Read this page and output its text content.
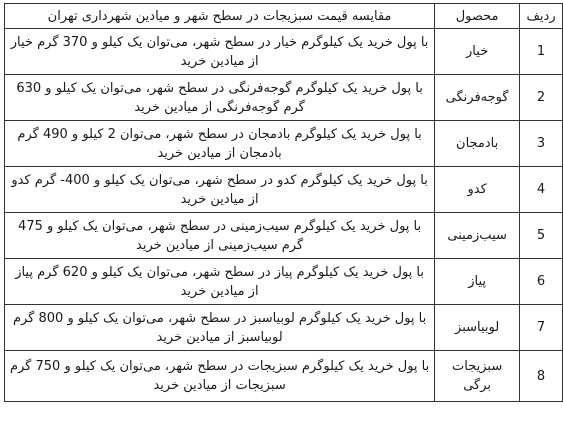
ردیف	محصول	مقایسه قیمت سبزیجات در سطح شهر و میادین شهرداری تهران
1	خیار	با پول خرید یک کیلوگرم خیار در سطح شهر، می‌توان یک کیلو و 370 گرم خیار از میادین خرید
2	گوجه‌فرنگی	با پول خرید یک کیلوگرم گوجه‌فرنگی در سطح شهر، می‌توان یک کیلو و 630 گرم گوجه‌فرنگی از میادین خرید
3	بادمجان	با پول خرید یک کیلوگرم بادمجان در سطح شهر، می‌توان 2 کیلو و 490 گرم بادمجان از میادین خرید
4	کدو	با پول خرید یک کیلوگرم کدو در سطح شهر، می‌توان یک کیلو و 400- گرم کدو از میادین خرید
5	سیب‌زمینی	با پول خرید یک کیلوگرم سیب‌زمینی در سطح شهر، می‌توان یک کیلو و 475 گرم سیب‌زمینی از میادین خرید
6	پیاز	با پول خرید یک کیلوگرم پیاز در سطح شهر، می‌توان یک کیلو و 620 گرم پیاز از میادین خرید
7	لوبیاسبز	با پول خرید یک کیلوگرم لوبیاسبز در سطح شهر، می‌توان یک کیلو و 800 گرم لوبیاسبز از میادین خرید
8	سبزیجات برگی	با پول خرید یک کیلوگرم سبزیجات در سطح شهر، می‌توان یک کیلو و 750 گرم سبزیجات از میادین خرید
